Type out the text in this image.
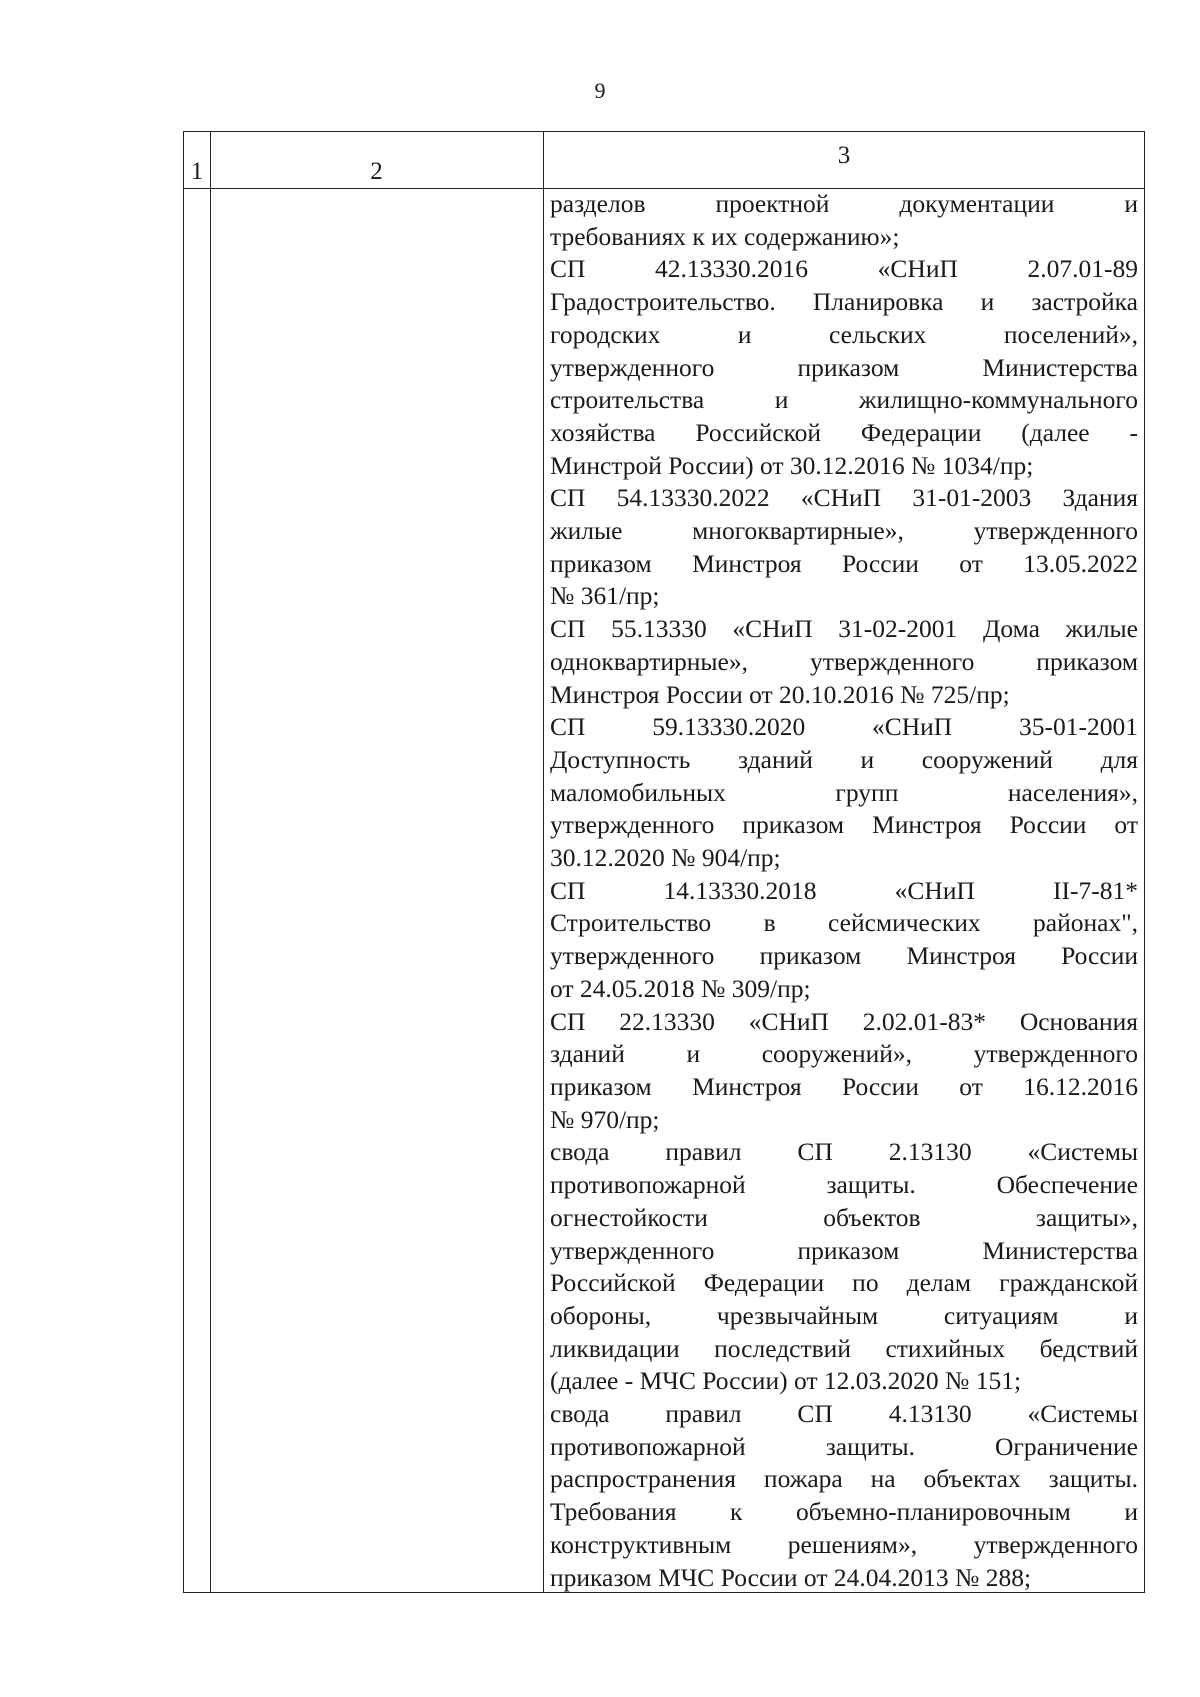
9
1	2
3

разделов проектной документации и

требованиях к их содержанию»;

СП 42.13330.2016 «СНиП 2.07.01-89

Градостроительство. Планировка и застройка

городских и сельских поселений»,

утвержденного приказом Министерства

строительства и жилищно-коммунального

хозяйства Российской Федерации (далее -

Минстрой России) от 30.12.2016 № 1034/пр;

СП 54.13330.2022 «СНиП 31-01-2003 Здания

жилые многоквартирные», утвержденного

приказом Минстроя России от 13.05.2022

№ 361/пр;

СП 55.13330 «СНиП 31-02-2001 Дома жилые

одноквартирные», утвержденного приказом

Минстроя России от 20.10.2016 № 725/пр;

СП 59.13330.2020 «СНиП 35-01-2001

Доступность зданий и сооружений для

маломобильных групп населения»,

утвержденного приказом Минстроя России от

30.12.2020 № 904/пр;

СП 14.13330.2018 «СНиП II-7-81*

Строительство в сейсмических районах",

утвержденного приказом Минстроя России

от 24.05.2018 № 309/пр;

СП 22.13330 «СНиП 2.02.01-83* Основания

зданий и сооружений», утвержденного

приказом Минстроя России от 16.12.2016

№ 970/пр;

свода правил СП 2.13130 «Системы

противопожарной защиты. Обеспечение

огнестойкости объектов защиты»,

утвержденного приказом Министерства

Российской Федерации по делам гражданской

обороны, чрезвычайным ситуациям и

ликвидации последствий стихийных бедствий

(далее - МЧС России) от 12.03.2020 № 151;

свода правил СП 4.13130 «Системы

противопожарной защиты. Ограничение

распространения пожара на объектах защиты.

Требования к объемно-планировочным и

конструктивным решениям», утвержденного

приказом МЧС России от 24.04.2013 № 288;
